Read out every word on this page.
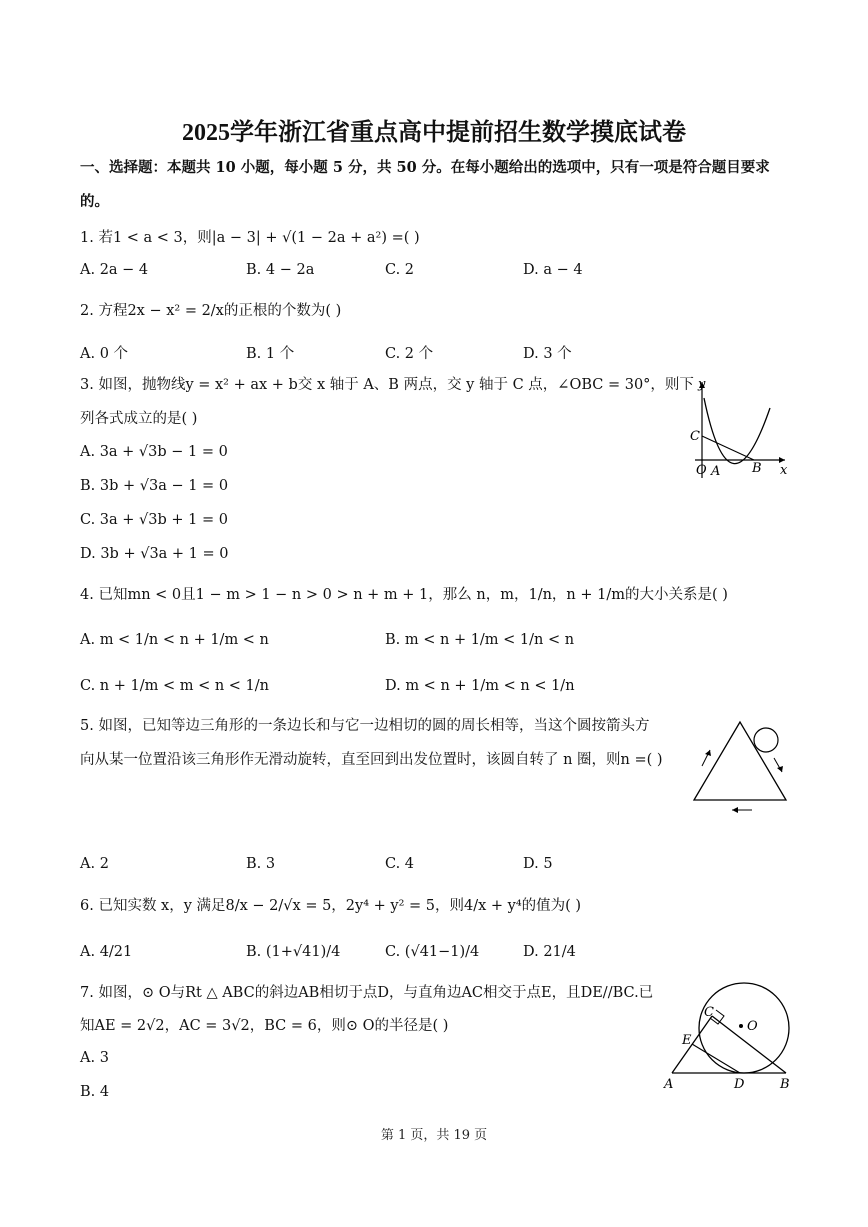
2025学年浙江省重点高中提前招生数学摸底试卷
一、选择题：本题共 10 小题，每小题 5 分，共 50 分。在每小题给出的选项中，只有一项是符合题目要求
的。
1. 若1 < a < 3，则|a − 3| + √(1 − 2a + a²) =( )
A. 2a − 4	B. 4 − 2a	C. 2	D. a − 4
2. 方程2x − x² = 2/x的正根的个数为( )
A. 0 个	B. 1 个	C. 2 个	D. 3 个
3. 如图，抛物线y = x² + ax + b交 x 轴于 A、B 两点，交 y 轴于 C 点，∠OBC = 30°，则下
列各式成立的是( )
A. 3a + √3b − 1 = 0
B. 3b + √3a − 1 = 0
C. 3a + √3b + 1 = 0
D. 3b + √3a + 1 = 0
y
x
C
O A B
4. 已知mn < 0且1 − m > 1 − n > 0 > n + m + 1，那么 n，m，1/n，n + 1/m的大小关系是( )
A. m < 1/n < n + 1/m < n	B. m < n + 1/m < 1/n < n
C. n + 1/m < m < n < 1/n	D. m < n + 1/m < n < 1/n
5. 如图，已知等边三角形的一条边长和与它一边相切的圆的周长相等，当这个圆按箭头方
向从某一位置沿该三角形作无滑动旋转，直至回到出发位置时，该圆自转了 n 圈，则n =( )
A. 2	B. 3	C. 4	D. 5
6. 已知实数 x，y 满足8/x − 2/√x = 5，2y⁴ + y² = 5，则4/x + y⁴的值为( )
A. 4/21	B. (1+√41)/4	C. (√41−1)/4	D. 21/4
7. 如图，⊙ O与Rt △ ABC的斜边AB相切于点D，与直角边AC相交于点E，且DE//BC.已
知AE = 2√2，AC = 3√2，BC = 6，则⊙ O的半径是( )
A. 3
B. 4
C
O
E
A	D	B
第 1 页，共 19 页
